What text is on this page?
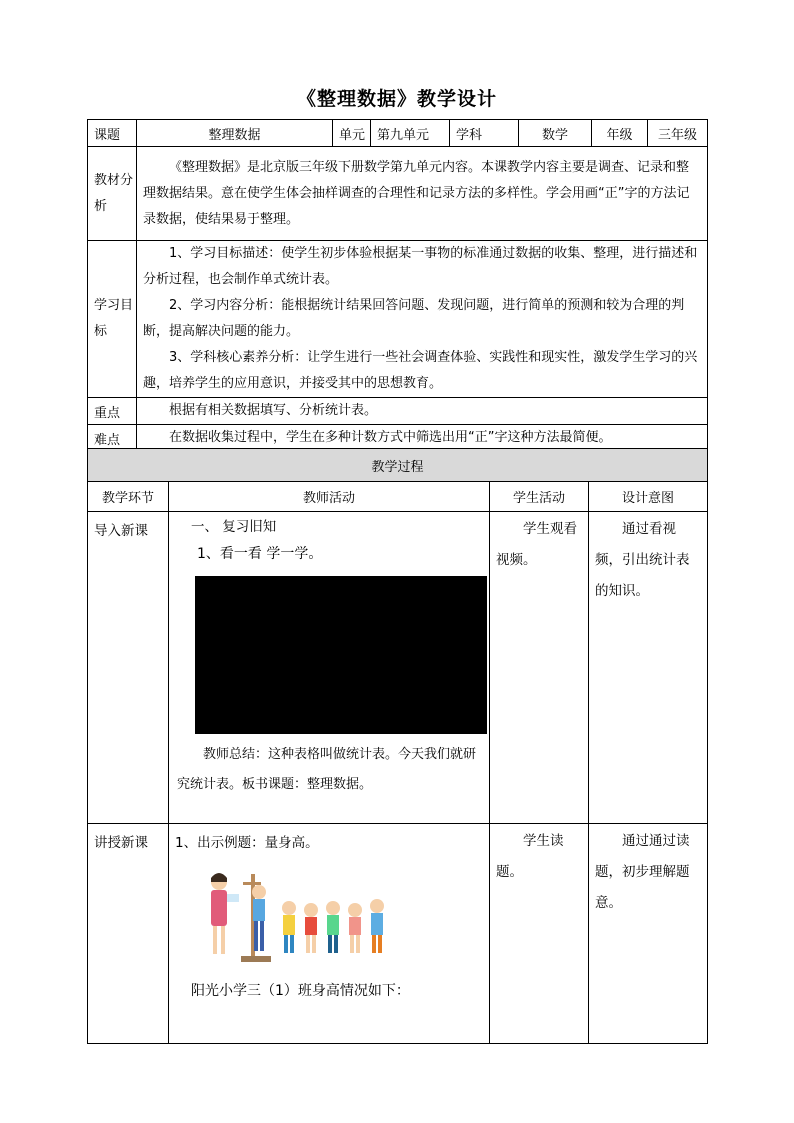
《整理数据》教学设计
课题	整理数据	单元	第九单元	学科	数学	年级	三年级
教材分析	《整理数据》是北京版三年级下册数学第九单元内容。本课教学内容主要是调查、记录和整理数据结果。意在使学生体会抽样调查的合理性和记录方法的多样性。学会用画“正”字的方法记录数据，使结果易于整理。						
学习目标	1、学习目标描述：使学生初步体验根据某一事物的标准通过数据的收集、整理，进行描述和分析过程，也会制作单式统计表。
2、学习内容分析：能根据统计结果回答问题、发现问题，进行简单的预测和较为合理的判断，提高解决问题的能力。
3、学科核心素养分析：让学生进行一些社会调查体验、实践性和现实性，激发学生学习的兴趣，培养学生的应用意识，并接受其中的思想教育。						

重点	根据有相关数据填写、分析统计表。						
难点	在数据收集过程中，学生在多种计数方式中筛选出用“正”字这种方法最简便。						
教学过程			
教学环节	教师活动	学生活动	设计意图
导入新课	一、 复习旧知
1、看一看 学一学。
教师总结：这种表格叫做统计表。今天我们就研究统计表。板书课题：整理数据。	学生观看视频。	通过看视频，引出统计表的知识。
讲授新课	1、出示例题：量身高。
阳光小学三（1）班身高情况如下：	学生读题。	通过通过读题，初步理解题意。
